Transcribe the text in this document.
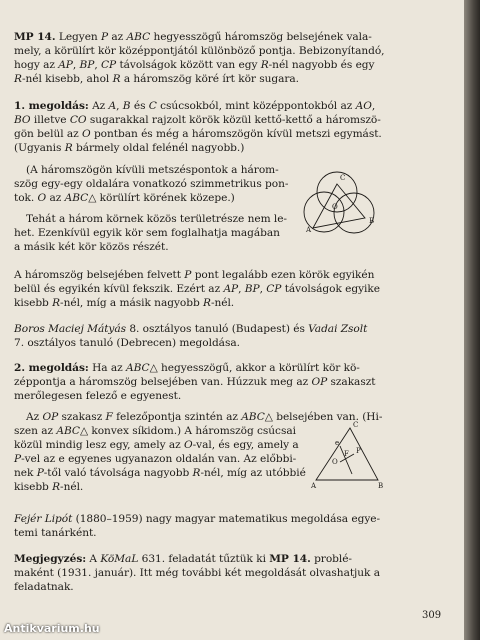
MP 14. Legyen P az ABC hegyesszögű háromszög belsejének vala-
mely, a körülírt kör középpontjától különböző pontja. Bebizonyítandó,
hogy az AP, BP, CP távolságok között van egy R-nél nagyobb és egy
R-nél kisebb, ahol R a háromszög köré írt kör sugara.
1. megoldás: Az A, B és C csúcsokból, mint középpontokból az AO,
BO illetve CO sugarakkal rajzolt körök közül kettő-kettő a háromszö-
gön belül az O pontban és még a háromszögön kívül metszi egymást.
(Ugyanis R bármely oldal felénél nagyobb.)
(A háromszögön kívüli metszéspontok a három-
szög egy-egy oldalára vonatkozó szimmetrikus pon-
tok. O az ABC△ körülírt körének közepe.)
Tehát a három körnek közös területrésze nem le-
het. Ezenkívül egyik kör sem foglalhatja magában
a másik két kör közös részét.
A háromszög belsejében felvett P pont legalább ezen körök egyikén
belül és egyikén kívül fekszik. Ezért az AP, BP, CP távolságok egyike
kisebb R-nél, míg a másik nagyobb R-nél.
Boros Maciej Mátyás 8. osztályos tanuló (Budapest) és Vadai Zsolt
7. osztályos tanuló (Debrecen) megoldása.
2. megoldás: Ha az ABC△ hegyesszögű, akkor a körülírt kör kö-
zéppontja a háromszög belsejében van. Húzzuk meg az OP szakaszt
merőlegesen felező e egyenest.
Az OP szakasz F felezőpontja szintén az ABC△ belsejében van. (Hi-
szen az ABC△ konvex síkidom.) A háromszög csúcsai
közül mindig lesz egy, amely az O-val, és egy, amely a
P-vel az e egyenes ugyanazon oldalán van. Az előbbi-
nek P-től való távolsága nagyobb R-nél, míg az utóbbié
kisebb R-nél.
Fejér Lipót (1880–1959) nagy magyar matematikus megoldása egye-
temi tanárként.
Megjegyzés: A KöMaL 631. feladatát tűztük ki MP 14. problé-
maként (1931. január). Itt még további két megoldását olvashatjuk a
feladatnak.
C
O
A
B
C
O
F P
e
A	B
309
Antikvarium.hu
